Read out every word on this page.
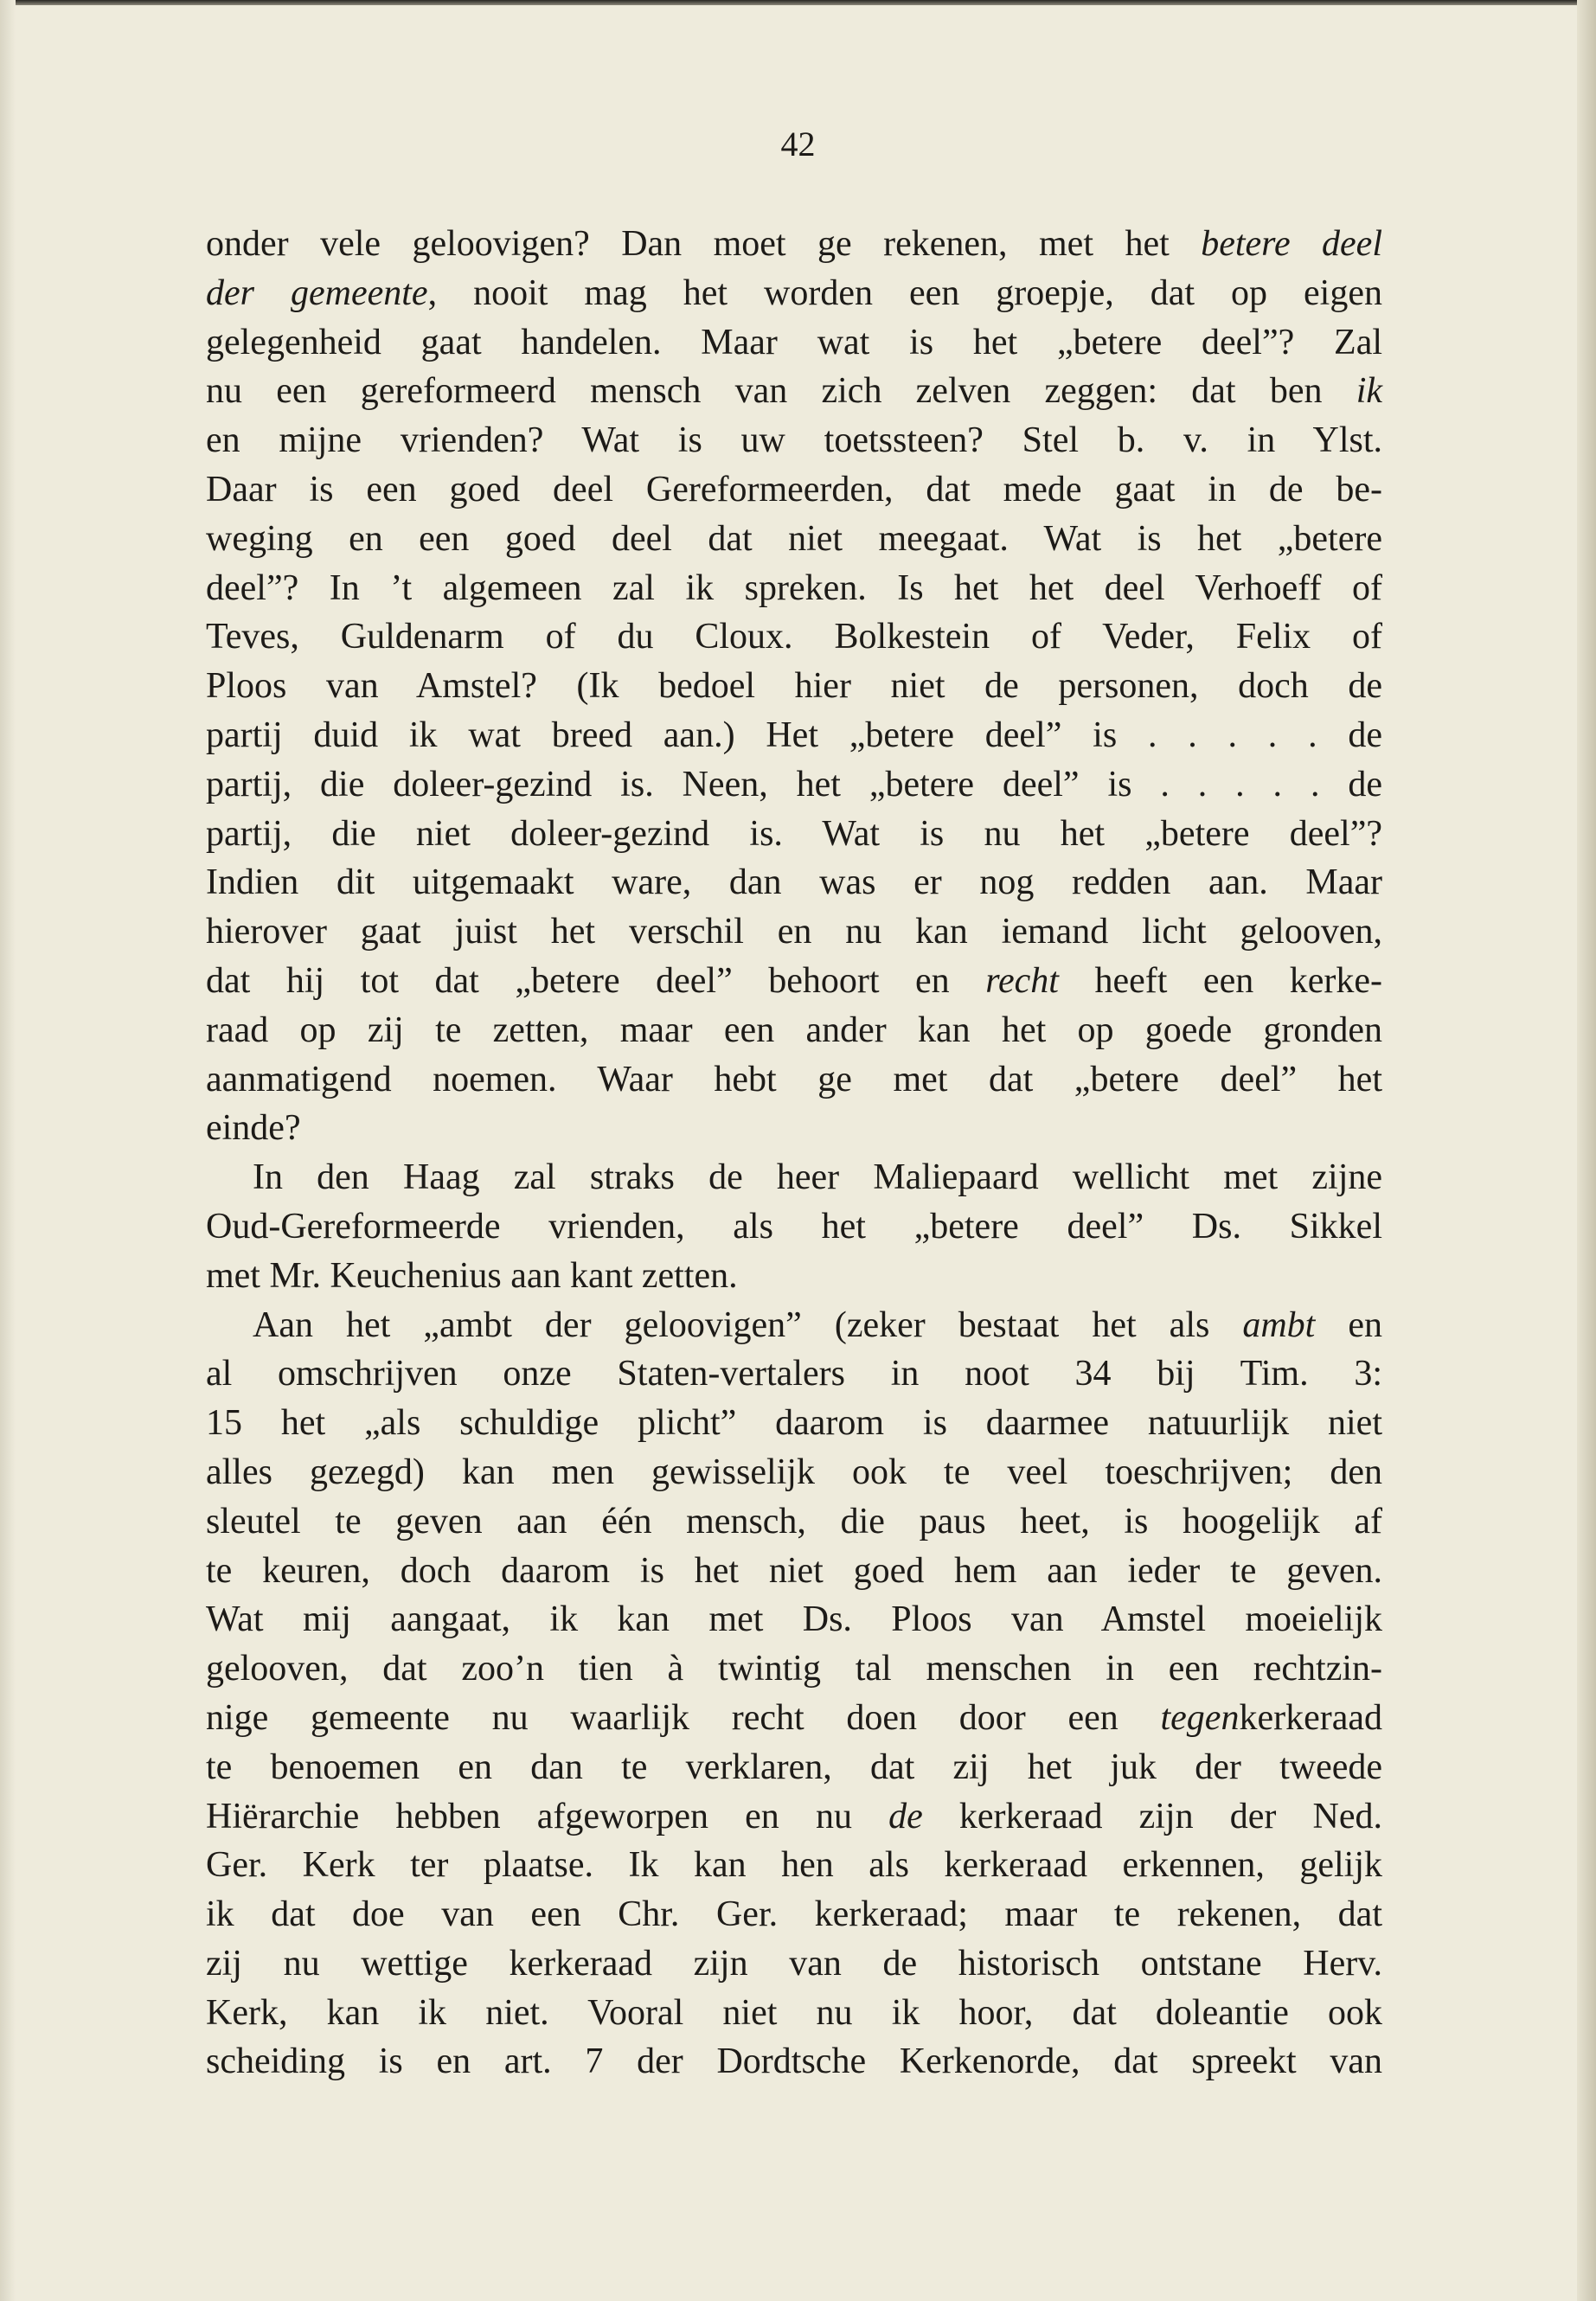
42
onder vele geloovigen? Dan moet ge rekenen, met het betere deel
der gemeente, nooit mag het worden een groepje, dat op eigen
gelegenheid gaat handelen. Maar wat is het „betere deel”? Zal
nu een gereformeerd mensch van zich zelven zeggen: dat ben ik
en mijne vrienden? Wat is uw toetssteen? Stel b. v. in Ylst.
Daar is een goed deel Gereformeerden, dat mede gaat in de be-
weging en een goed deel dat niet meegaat. Wat is het „betere
deel”? In ’t algemeen zal ik spreken. Is het het deel Verhoeff of
Teves, Guldenarm of du Cloux. Bolkestein of Veder, Felix of
Ploos van Amstel? (Ik bedoel hier niet de personen, doch de
partij duid ik wat breed aan.) Het „betere deel” is . . . . . de
partij, die doleer-gezind is. Neen, het „betere deel” is . . . . . de
partij, die niet doleer-gezind is. Wat is nu het „betere deel”?
Indien dit uitgemaakt ware, dan was er nog redden aan. Maar
hierover gaat juist het verschil en nu kan iemand licht gelooven,
dat hij tot dat „betere deel” behoort en recht heeft een kerke-
raad op zij te zetten, maar een ander kan het op goede gronden
aanmatigend noemen. Waar hebt ge met dat „betere deel” het
einde?
In den Haag zal straks de heer Maliepaard wellicht met zijne
Oud-Gereformeerde vrienden, als het „betere deel” Ds. Sikkel
met Mr. Keuchenius aan kant zetten.
Aan het „ambt der geloovigen” (zeker bestaat het als ambt en
al omschrijven onze Staten-vertalers in noot 34 bij Tim. 3:
15 het „als schuldige plicht” daarom is daarmee natuurlijk niet
alles gezegd) kan men gewisselijk ook te veel toeschrijven; den
sleutel te geven aan één mensch, die paus heet, is hoogelijk af
te keuren, doch daarom is het niet goed hem aan ieder te geven.
Wat mij aangaat, ik kan met Ds. Ploos van Amstel moeielijk
gelooven, dat zoo’n tien à twintig tal menschen in een rechtzin-
nige gemeente nu waarlijk recht doen door een tegenkerkeraad
te benoemen en dan te verklaren, dat zij het juk der tweede
Hiërarchie hebben afgeworpen en nu de kerkeraad zijn der Ned.
Ger. Kerk ter plaatse. Ik kan hen als kerkeraad erkennen, gelijk
ik dat doe van een Chr. Ger. kerkeraad; maar te rekenen, dat
zij nu wettige kerkeraad zijn van de historisch ontstane Herv.
Kerk, kan ik niet. Vooral niet nu ik hoor, dat doleantie ook
scheiding is en art. 7 der Dordtsche Kerkenorde, dat spreekt van
